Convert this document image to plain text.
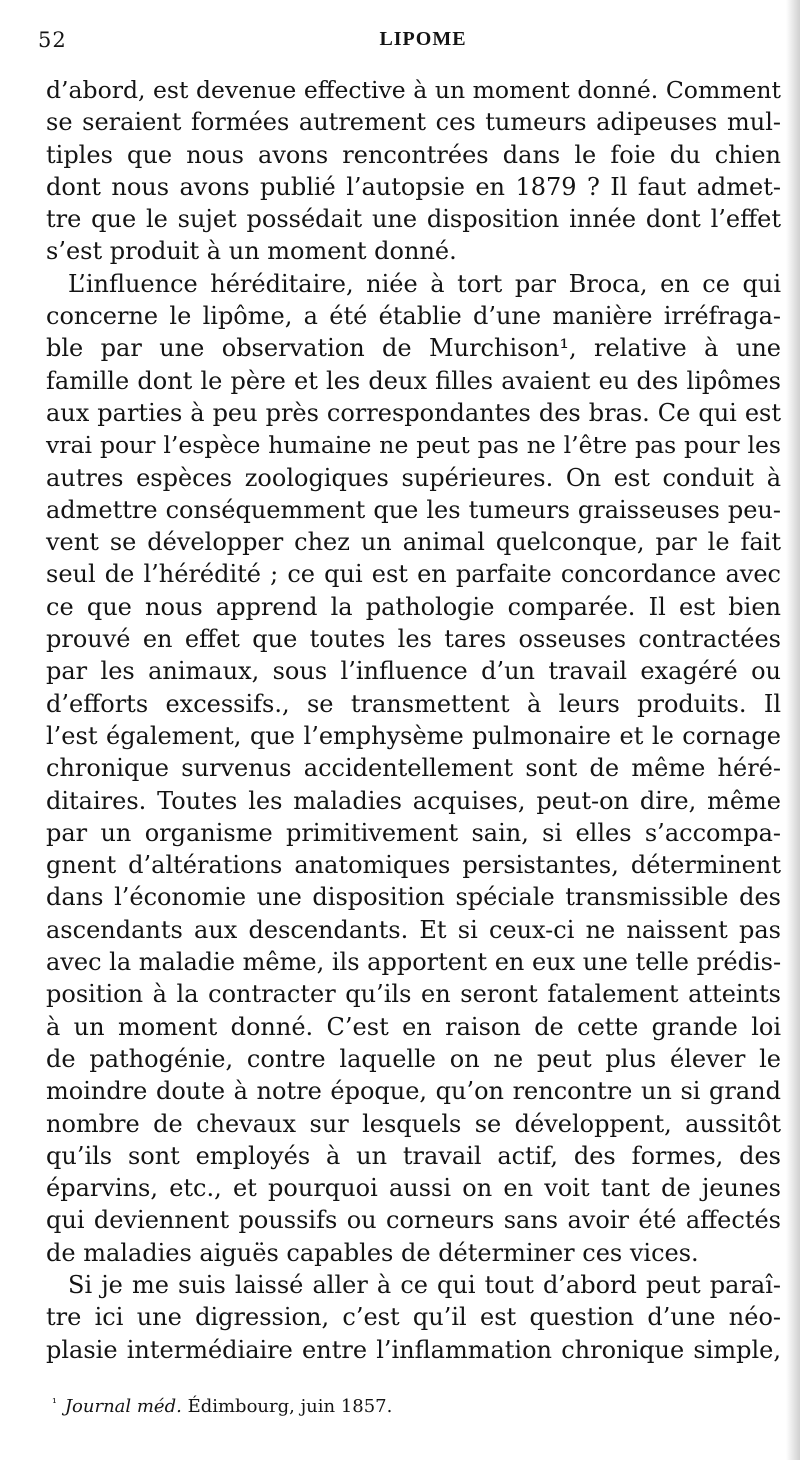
52	LIPOME
d’abord, est devenue effective à un moment donné. Comment
se seraient formées autrement ces tumeurs adipeuses mul-
tiples que nous avons rencontrées dans le foie du chien
dont nous avons publié l’autopsie en 1879 ? Il faut admet-
tre que le sujet possédait une disposition innée dont l’effet
s’est produit à un moment donné.
L’influence héréditaire, niée à tort par Broca, en ce qui
concerne le lipôme, a été établie d’une manière irréfraga-
ble par une observation de Murchison¹, relative à une
famille dont le père et les deux filles avaient eu des lipômes
aux parties à peu près correspondantes des bras. Ce qui est
vrai pour l’espèce humaine ne peut pas ne l’être pas pour les
autres espèces zoologiques supérieures. On est conduit à
admettre conséquemment que les tumeurs graisseuses peu-
vent se développer chez un animal quelconque, par le fait
seul de l’hérédité ; ce qui est en parfaite concordance avec
ce que nous apprend la pathologie comparée. Il est bien
prouvé en effet que toutes les tares osseuses contractées
par les animaux, sous l’influence d’un travail exagéré ou
d’efforts excessifs., se transmettent à leurs produits. Il
l’est également, que l’emphysème pulmonaire et le cornage
chronique survenus accidentellement sont de même héré-
ditaires. Toutes les maladies acquises, peut-on dire, même
par un organisme primitivement sain, si elles s’accompa-
gnent d’altérations anatomiques persistantes, déterminent
dans l’économie une disposition spéciale transmissible des
ascendants aux descendants. Et si ceux-ci ne naissent pas
avec la maladie même, ils apportent en eux une telle prédis-
position à la contracter qu’ils en seront fatalement atteints
à un moment donné. C’est en raison de cette grande loi
de pathogénie, contre laquelle on ne peut plus élever le
moindre doute à notre époque, qu’on rencontre un si grand
nombre de chevaux sur lesquels se développent, aussitôt
qu’ils sont employés à un travail actif, des formes, des
éparvins, etc., et pourquoi aussi on en voit tant de jeunes
qui deviennent poussifs ou corneurs sans avoir été affectés
de maladies aiguës capables de déterminer ces vices.
Si je me suis laissé aller à ce qui tout d’abord peut paraî-
tre ici une digression, c’est qu’il est question d’une néo-
plasie intermédiaire entre l’inflammation chronique simple,
$^{^1}$ Journal méd. Édimbourg, juin 1857.
